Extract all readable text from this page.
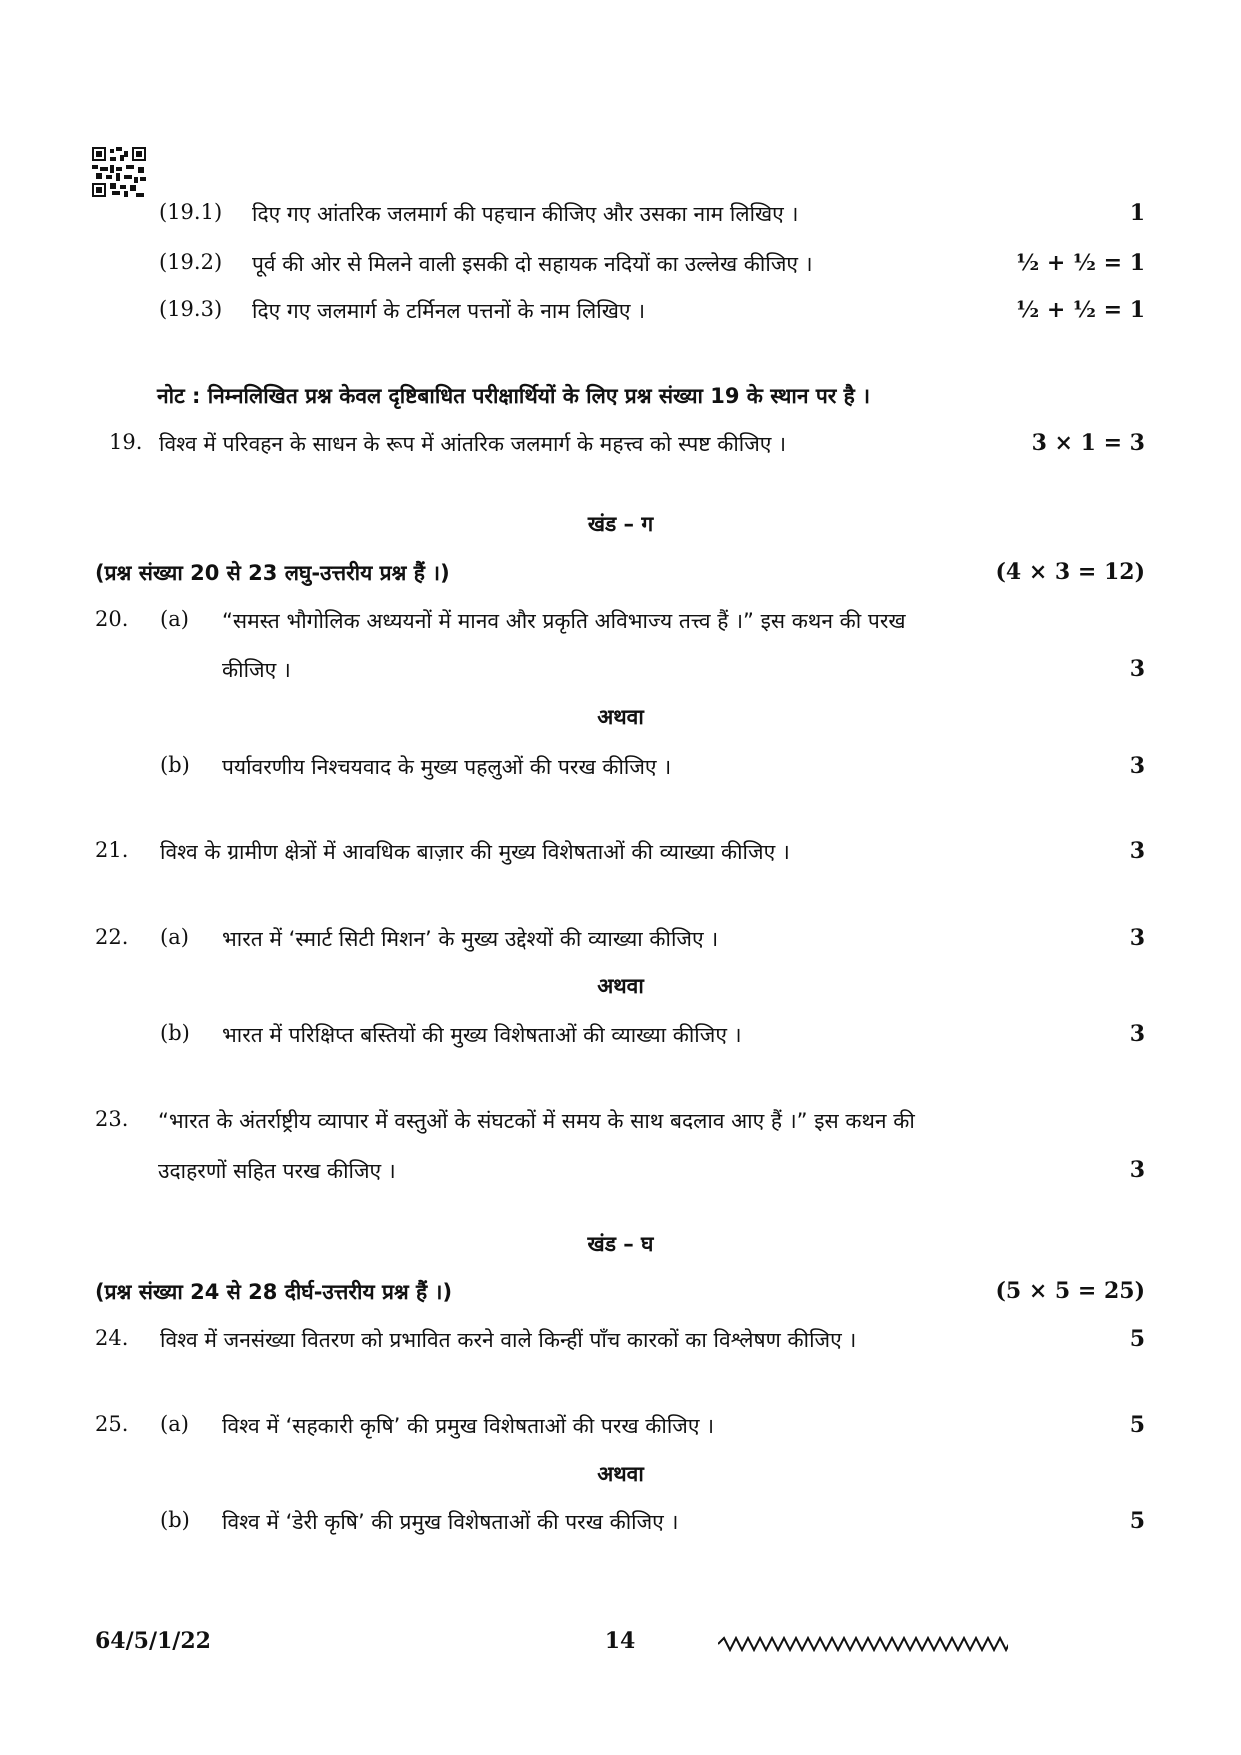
(19.1) दिए गए आंतरिक जलमार्ग की पहचान कीजिए और उसका नाम लिखिए ।	1
(19.2) पूर्व की ओर से मिलने वाली इसकी दो सहायक नदियों का उल्लेख कीजिए ।	½ + ½ = 1
(19.3) दिए गए जलमार्ग के टर्मिनल पत्तनों के नाम लिखिए ।	½ + ½ = 1
नोट : निम्नलिखित प्रश्न केवल दृष्टिबाधित परीक्षार्थियों के लिए प्रश्न संख्या 19 के स्थान पर है ।
19. विश्व में परिवहन के साधन के रूप में आंतरिक जलमार्ग के महत्त्व को स्पष्ट कीजिए ।	3 × 1 = 3
खंड – ग
(प्रश्न संख्या 20 से 23 लघु-उत्तरीय प्रश्न हैं ।)	(4 × 3 = 12)
20. (a) “समस्त भौगोलिक अध्ययनों में मानव और प्रकृति अविभाज्य तत्त्व हैं ।” इस कथन की परख
कीजिए ।	3
अथवा
(b) पर्यावरणीय निश्चयवाद के मुख्य पहलुओं की परख कीजिए ।	3
21. विश्व के ग्रामीण क्षेत्रों में आवधिक बाज़ार की मुख्य विशेषताओं की व्याख्या कीजिए ।	3
22. (a) भारत में ‘स्मार्ट सिटी मिशन’ के मुख्य उद्देश्यों की व्याख्या कीजिए ।	3
अथवा
(b) भारत में परिक्षिप्त बस्तियों की मुख्य विशेषताओं की व्याख्या कीजिए ।	3
23. “भारत के अंतर्राष्ट्रीय व्यापार में वस्तुओं के संघटकों में समय के साथ बदलाव आए हैं ।” इस कथन की
उदाहरणों सहित परख कीजिए ।	3
खंड – घ
(प्रश्न संख्या 24 से 28 दीर्घ-उत्तरीय प्रश्न हैं ।)	(5 × 5 = 25)
24. विश्व में जनसंख्या वितरण को प्रभावित करने वाले किन्हीं पाँच कारकों का विश्लेषण कीजिए ।	5
25. (a) विश्व में ‘सहकारी कृषि’ की प्रमुख विशेषताओं की परख कीजिए ।	5
अथवा
(b) विश्व में ‘डेरी कृषि’ की प्रमुख विशेषताओं की परख कीजिए ।	5
64/5/1/22	14
